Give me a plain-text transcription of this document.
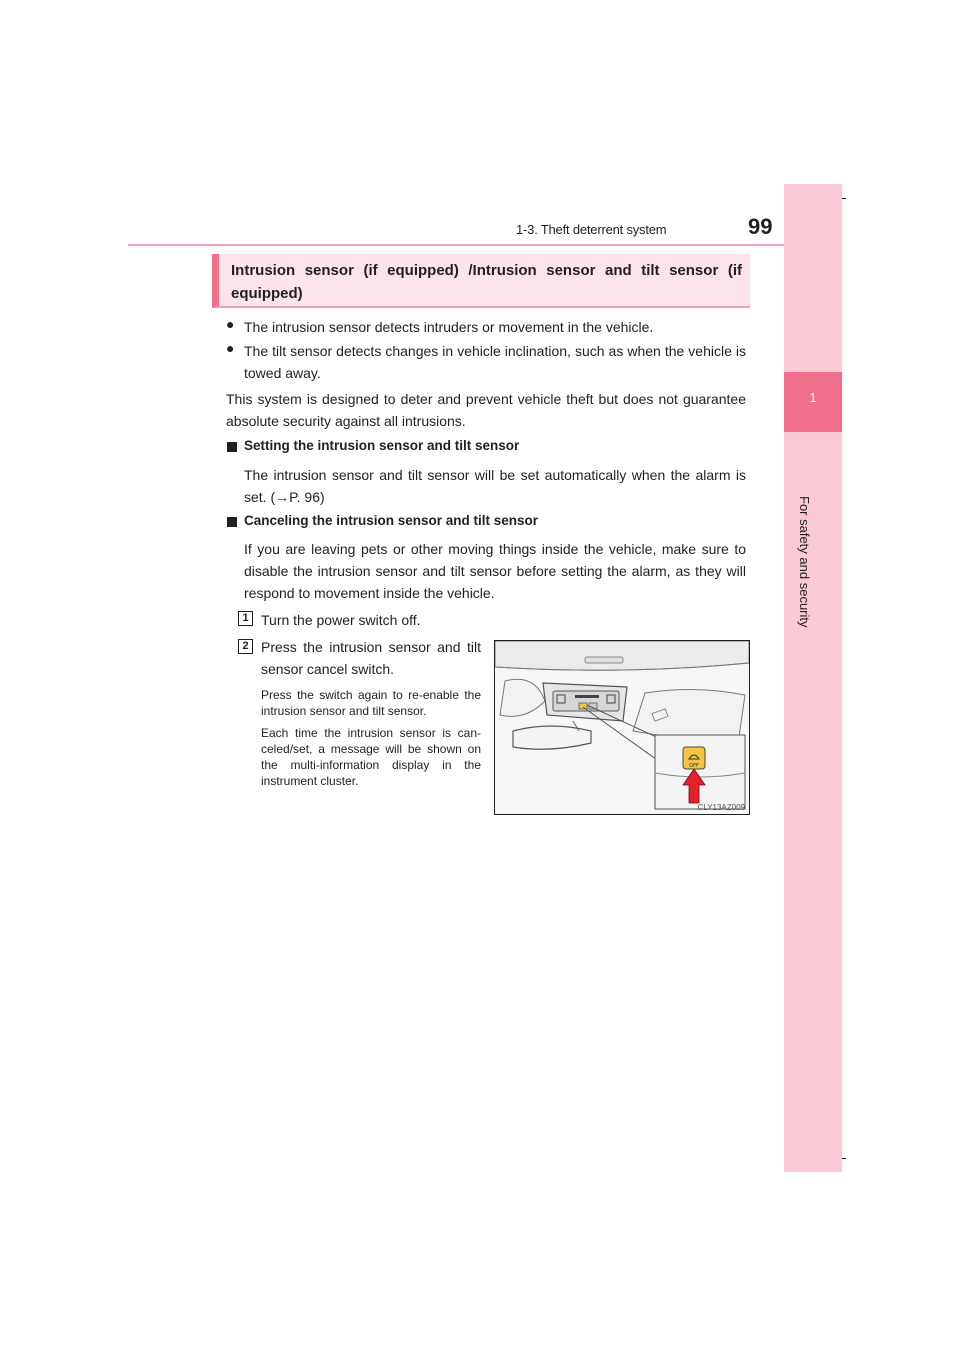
1-3. Theft deterrent system	99
1
For safety and security
Intrusion sensor (if equipped) /Intrusion sensor and tilt sensor (if equipped)
● The intrusion sensor detects intruders or movement in the vehicle.
● The tilt sensor detects changes in vehicle inclination, such as when the vehicle is towed away.
This system is designed to deter and prevent vehicle theft but does not guarantee absolute security against all intrusions.
Setting the intrusion sensor and tilt sensor
The intrusion sensor and tilt sensor will be set automatically when the alarm is set. (→P. 96)
Canceling the intrusion sensor and tilt sensor
If you are leaving pets or other moving things inside the vehicle, make sure to disable the intrusion sensor and tilt sensor before setting the alarm, as they will respond to movement inside the vehicle.
1 Turn the power switch off.
2 Press the intrusion sensor and tilt sensor cancel switch.
Press the switch again to re-enable the intrusion sensor and tilt sensor.
Each time the intrusion sensor is can-celed/set, a message will be shown on the multi-information display in the instrument cluster.
OFF
CLY13AZ009
